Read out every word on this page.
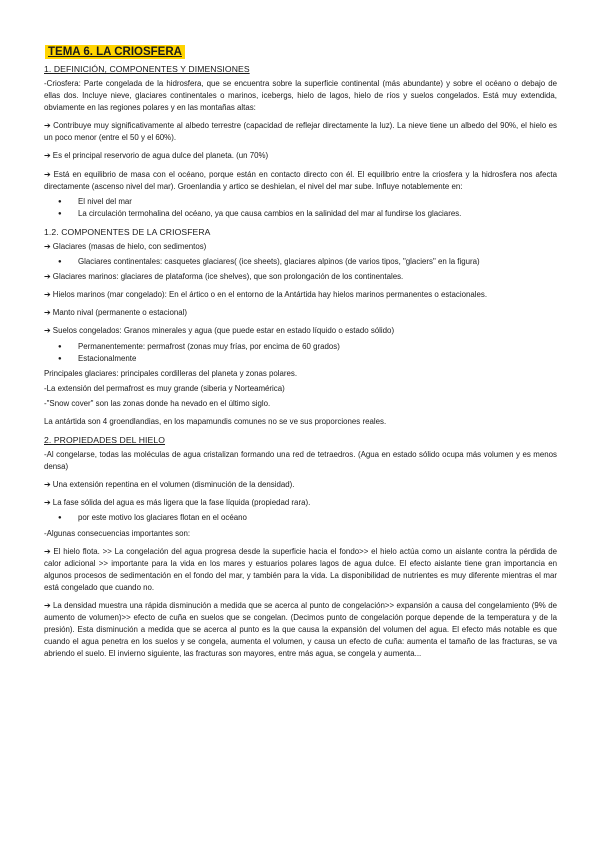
TEMA 6. LA CRIOSFERA
1. DEFINICIÓN, COMPONENTES Y DIMENSIONES

-Criosfera: Parte congelada de la hidrosfera, que se encuentra sobre la superficie continental (más abundante) y sobre el océano o debajo de ellas dos. Incluye nieve, glaciares continentales o marinos, icebergs, hielo de lagos, hielo de ríos y suelos congelados. Está muy extendida, obviamente en las regiones polares y en las montañas altas:

➔ Contribuye muy significativamente al albedo terrestre (capacidad de reflejar directamente la luz). La nieve tiene un albedo del 90%, el hielo es un poco menor (entre el 50 y el 60%).

➔ Es el principal reservorio de agua dulce del planeta. (un 70%)

➔ Está en equilibrio de masa con el océano, porque están en contacto directo con él. El equilibrio entre la criosfera y la hidrosfera nos afecta directamente (ascenso nivel del mar). Groenlandia y artico se deshielan, el nivel del mar sube. Influye notablemente en:

● El nivel del mar
● La circulación termohalina del océano, ya que causa cambios en la salinidad del mar al fundirse los glaciares.
1.2. COMPONENTES DE LA CRIOSFERA

➔ Glaciares (masas de hielo, con sedimentos)

● Glaciares continentales: casquetes glaciares( (ice sheets), glaciares alpinos (de varios tipos, "glaciers" en la figura)

➔ Glaciares marinos: glaciares de plataforma (ice shelves), que son prolongación de los continentales.

➔ Hielos marinos (mar congelado): En el ártico o en el entorno de la Antártida hay hielos marinos permanentes o estacionales.

➔ Manto nival (permanente o estacional)

➔ Suelos congelados: Granos minerales y agua (que puede estar en estado líquido o estado sólido)

● Permanentemente: permafrost (zonas muy frías, por encima de 60 grados)
● Estacionalmente

Principales glaciares: principales cordilleras del planeta y zonas polares.

-La extensión del permafrost es muy grande (siberia y Norteamérica)

-"Snow cover" son las zonas donde ha nevado en el último siglo.

La antártida son 4 groendlandias, en los mapamundis comunes no se ve sus proporciones reales.

2. PROPIEDADES DEL HIELO

-Al congelarse, todas las moléculas de agua cristalizan formando una red de tetraedros. (Agua en estado sólido ocupa más volumen y es menos densa)

➔ Una extensión repentina en el volumen (disminución de la densidad).

➔ La fase sólida del agua es más ligera que la fase líquida (propiedad rara).

● por este motivo los glaciares flotan en el océano

-Algunas consecuencias importantes son:

➔ El hielo flota. >> La congelación del agua progresa desde la superficie hacia el fondo>> el hielo actúa como un aislante contra la pérdida de calor adicional >> importante para la vida en los mares y estuarios polares lagos de agua dulce. El efecto aislante tiene gran importancia en algunos procesos de sedimentación en el fondo del mar, y también para la vida. La disponibilidad de nutrientes es muy diferente mientras el mar está congelado que cuando no.

➔ La densidad muestra una rápida disminución a medida que se acerca al punto de congelación>> expansión a causa del congelamiento (9% de aumento de volumen)>> efecto de cuña en suelos que se congelan. (Decimos punto de congelación porque depende de la temperatura y de la presión). Esta disminución a medida que se acerca al punto es la que causa la expansión del volumen del agua. El efecto más notable es que cuando el agua penetra en los suelos y se congela, aumenta el volumen, y causa un efecto de cuña: aumenta el tamaño de las fracturas, se va abriendo el suelo. El invierno siguiente, las fracturas son mayores, entre más agua, se congela y aumenta...
